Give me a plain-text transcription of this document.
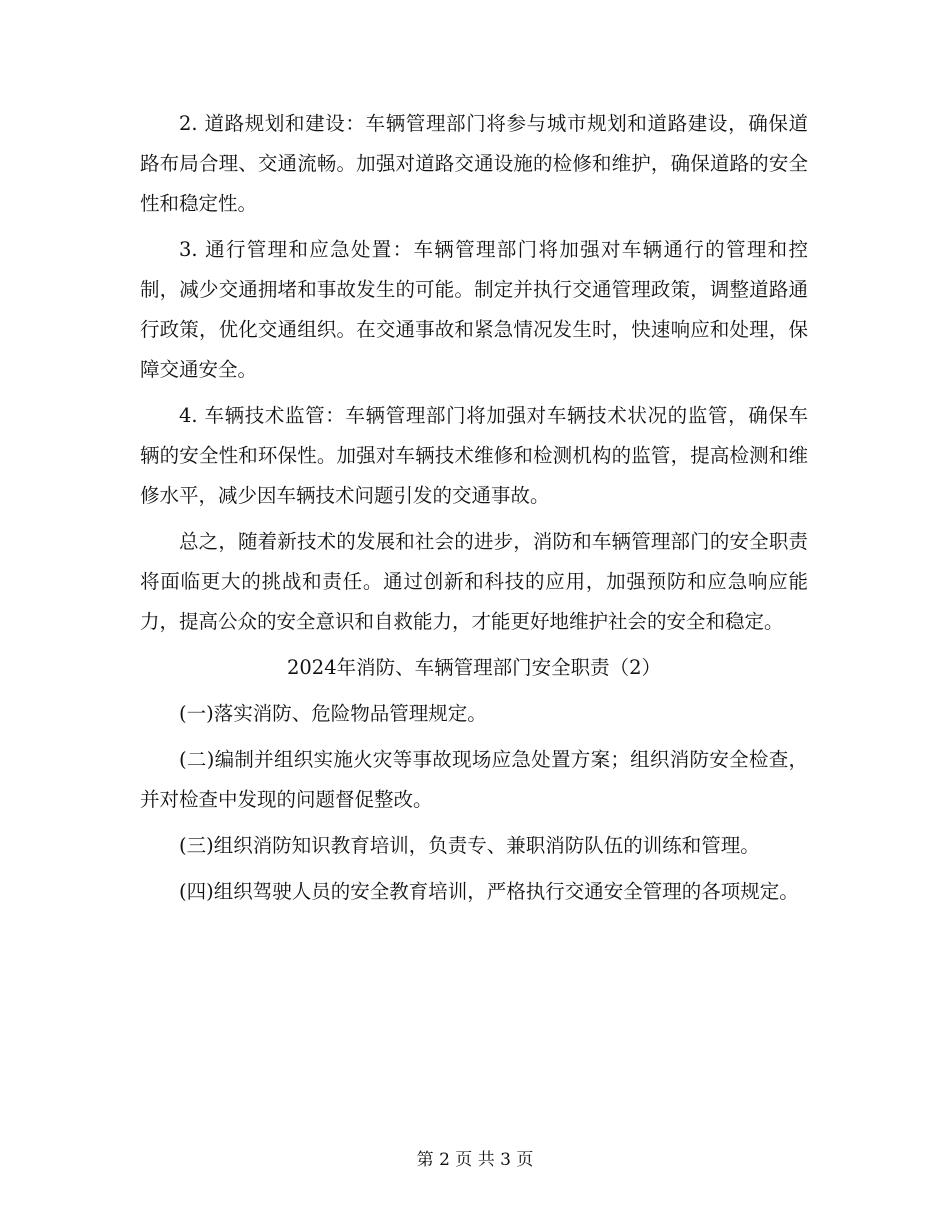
2. 道路规划和建设：车辆管理部门将参与城市规划和道路建设，确保道路布局合理、交通流畅。加强对道路交通设施的检修和维护，确保道路的安全性和稳定性。

3. 通行管理和应急处置：车辆管理部门将加强对车辆通行的管理和控制，减少交通拥堵和事故发生的可能。制定并执行交通管理政策，调整道路通行政策，优化交通组织。在交通事故和紧急情况发生时，快速响应和处理，保障交通安全。

4. 车辆技术监管：车辆管理部门将加强对车辆技术状况的监管，确保车辆的安全性和环保性。加强对车辆技术维修和检测机构的监管，提高检测和维修水平，减少因车辆技术问题引发的交通事故。

总之，随着新技术的发展和社会的进步，消防和车辆管理部门的安全职责将面临更大的挑战和责任。通过创新和科技的应用，加强预防和应急响应能力，提高公众的安全意识和自救能力，才能更好地维护社会的安全和稳定。

2024年消防、车辆管理部门安全职责（2）

(一)落实消防、危险物品管理规定。

(二)编制并组织实施火灾等事故现场应急处置方案；组织消防安全检查，并对检查中发现的问题督促整改。

(三)组织消防知识教育培训，负责专、兼职消防队伍的训练和管理。

(四)组织驾驶人员的安全教育培训，严格执行交通安全管理的各项规定。

第 2 页 共 3 页
